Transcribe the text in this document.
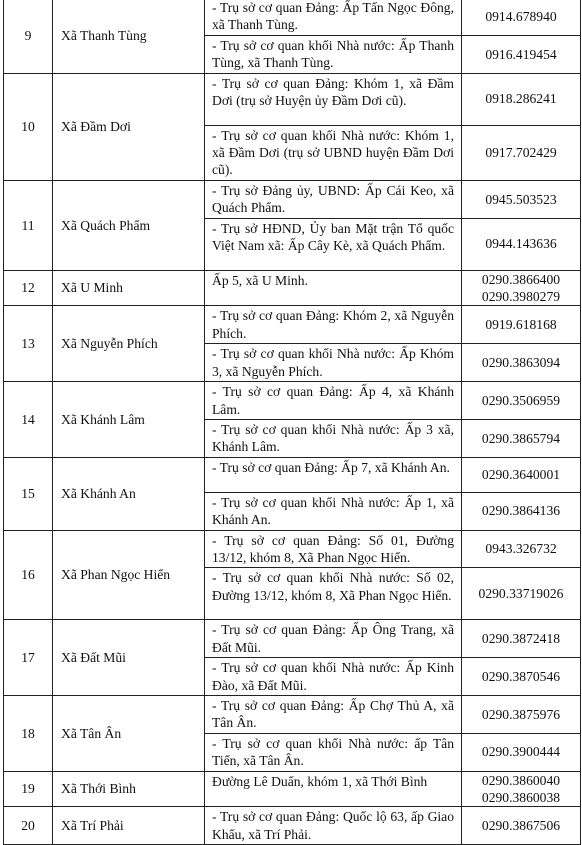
9	Xã Thanh Tùng	- Trụ sở cơ quan Đảng: Ấp Tấn Ngọc Đông, xã Thanh Tùng.	0914.678940

		- Trụ sở cơ quan khối Nhà nước: Ấp Thanh Tùng, xã Thanh Tùng.	0916.419454

10	Xã Đầm Dơi	- Trụ sở cơ quan Đảng: Khóm 1, xã Đầm Dơi (trụ sở Huyện ủy Đầm Dơi cũ).	0918.286241

		- Trụ sở cơ quan khối Nhà nước: Khóm 1, xã Đầm Dơi (trụ sở UBND huyện Đầm Dơi cũ).	0917.702429

11	Xã Quách Phẩm	- Trụ sở Đảng ủy, UBND: Ấp Cái Keo, xã Quách Phẩm.	0945.503523

		- Trụ sở HĐND, Ủy ban Mặt trận Tổ quốc Việt Nam xã: Ấp Cây Kè, xã Quách Phẩm.	0944.143636

12	Xã U Minh	Ấp 5, xã U Minh.	0290.3866400
0290.3980279

13	Xã Nguyễn Phích	- Trụ sở cơ quan Đảng: Khóm 2, xã Nguyễn Phích.	0919.618168

		- Trụ sở cơ quan khối Nhà nước: Ấp Khóm 3, xã Nguyễn Phích.	0290.3863094

14	Xã Khánh Lâm	- Trụ sở cơ quan Đảng: Ấp 4, xã Khánh Lâm.	0290.3506959

		- Trụ sở cơ quan khối Nhà nước: Ấp 3 xã, Khánh Lâm.	0290.3865794

15	Xã Khánh An	- Trụ sở cơ quan Đảng: Ấp 7, xã Khánh An.	0290.3640001

		- Trụ sở cơ quan khối Nhà nước: Ấp 1, xã Khánh An.	0290.3864136

16	Xã Phan Ngọc Hiển	- Trụ sở cơ quan Đảng: Số 01, Đường 13/12, khóm 8, Xã Phan Ngọc Hiển.	0943.326732

		- Trụ sở cơ quan khối Nhà nước: Số 02, Đường 13/12, khóm 8, Xã Phan Ngọc Hiển.	0290.33719026

17	Xã Đất Mũi	- Trụ sở cơ quan Đảng: Ấp Ông Trang, xã Đất Mũi.	0290.3872418

		- Trụ sở cơ quan khối Nhà nước: Ấp Kinh Đào, xã Đất Mũi.	0290.3870546

18	Xã Tân Ân	- Trụ sở cơ quan Đảng: Ấp Chợ Thủ A, xã Tân Ân.	0290.3875976

		- Trụ sở cơ quan khối Nhà nước: ấp Tân Tiến, xã Tân Ân.	0290.3900444

19	Xã Thới Bình	Đường Lê Duẩn, khóm 1, xã Thới Bình	0290.3860040
0290.3860038

20	Xã Trí Phải	- Trụ sở cơ quan Đảng: Quốc lộ 63, ấp Giao Khẩu, xã Trí Phải.	0290.3867506
